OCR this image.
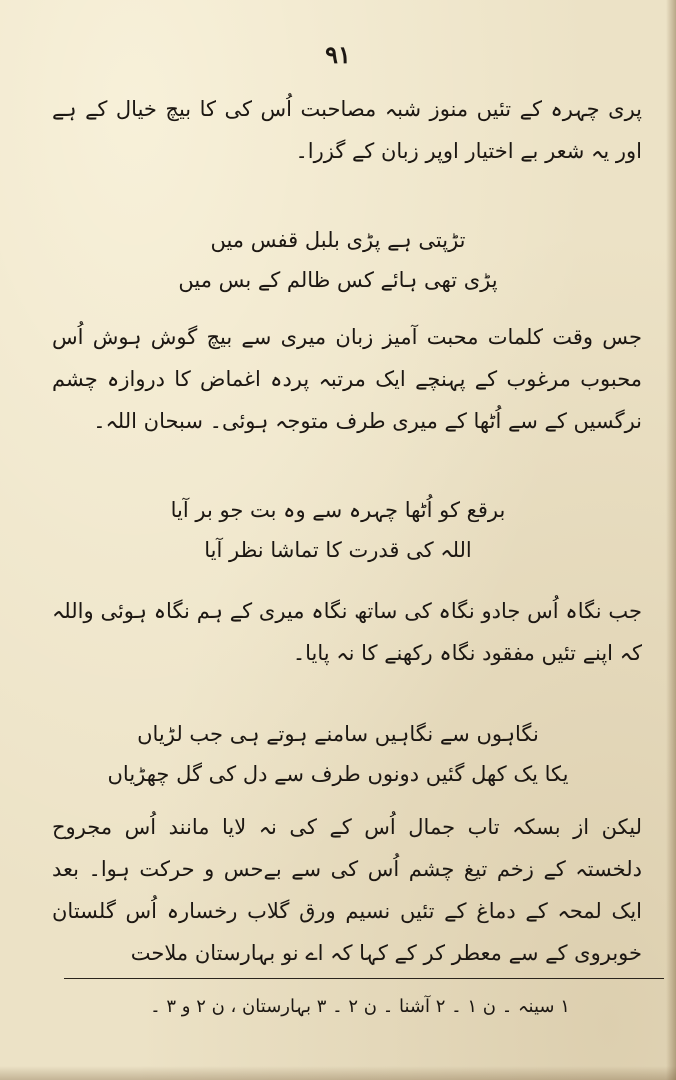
۹۱
پری چہرہ کے تئیں منوز شبہ مصاحبت اُس کی کا بیچ خیال کے ہے اور یہ شعر بے اختیار اوپر زبان کے گزرا۔
تڑپتی ہے پڑی بلبل قفس میں
پڑی تھی ہائے کس ظالم کے بس میں
جس وقت کلمات محبت آمیز زبان میری سے بیچ گوش ہوش اُس محبوب مرغوب کے پہنچے ایک مرتبہ پردہ اغماض کا دروازہ چشم نرگسیں کے سے اُٹھا کے میری طرف متوجہ ہوئی۔ سبحان اللہ۔
برقع کو اُٹھا چہرہ سے وہ بت جو بر آیا
اللہ کی قدرت کا تماشا نظر آیا
جب نگاہ اُس جادو نگاہ کی ساتھ نگاہ میری کے ہم نگاہ ہوئی واللہ کہ اپنے تئیں مفقود نگاہ رکھنے کا نہ پایا۔
نگاہوں سے نگاہیں سامنے ہوتے ہی جب لڑیاں
یکا یک کھل گئیں دونوں طرف سے دل کی گل چھڑیاں
لیکن از بسکہ تاب جمال اُس کے کی نہ لایا مانند اُس مجروح دلخستہ کے زخم تیغ چشم اُس کی سے بےحس و حرکت ہوا۔ بعد ایک لمحہ کے دماغ کے تئیں نسیم ورق گلاب رخسارہ اُس گلستان خوبروی کے سے معطر کر کے کہا کہ اے نو بہارستان ملاحت
۱ سینہ ۔ ن ۱ ۔ ۲ آشنا ۔ ن ۲ ۔ ۳ بہارستان ، ن ۲ و ۳ ۔
